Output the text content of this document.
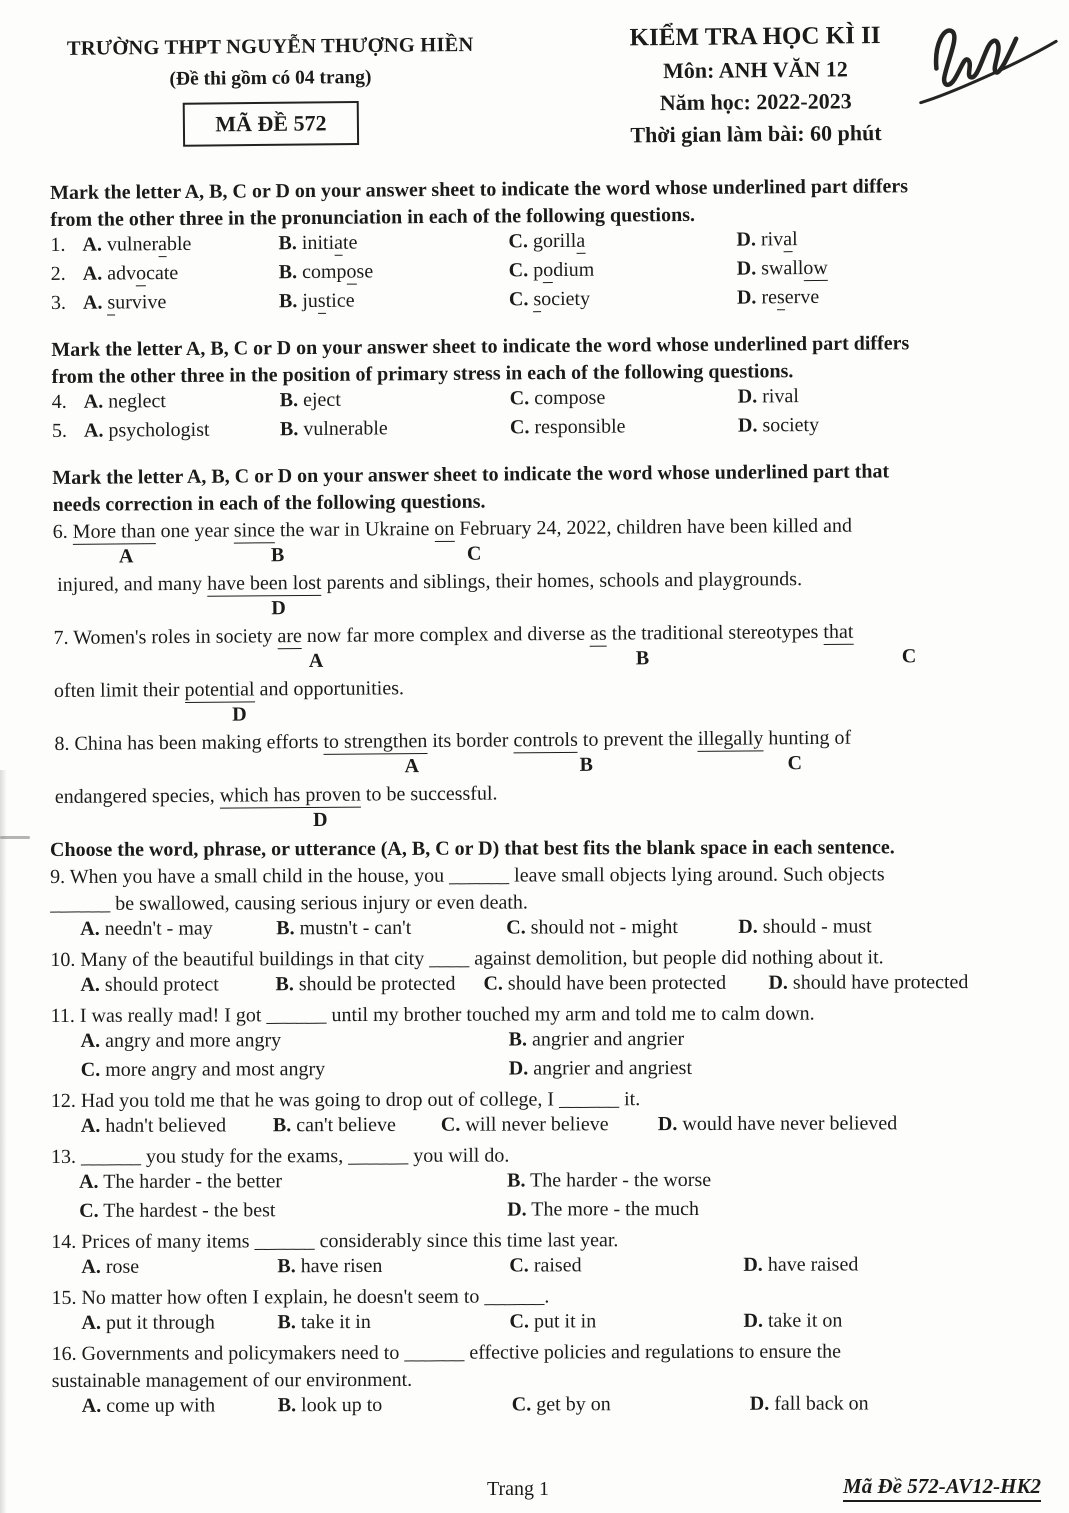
TRƯỜNG THPT NGUYỄN THƯỢNG HIỀN
(Đề thi gồm có 04 trang)
MÃ ĐỀ 572
KIỂM TRA HỌC KÌ II
Môn: ANH VĂN 12
Năm học: 2022-2023
Thời gian làm bài: 60 phút
Mark the letter A, B, C or D on your answer sheet to indicate the word whose underlined part differs
from the other three in the pronunciation in each of the following questions.
1. A. vulnerable	B. initiate	C. gorilla	D. rival
2. A. advocate	B. compose	C. podium	D. swallow
3. A. survive	B. justice	C. society	D. reserve
Mark the letter A, B, C or D on your answer sheet to indicate the word whose underlined part differs
from the other three in the position of primary stress in each of the following questions.
4. A. neglect	B. eject	C. compose	D. rival
5. A. psychologist	B. vulnerable	C. responsible	D. society
Mark the letter A, B, C or D on your answer sheet to indicate the word whose underlined part that
needs correction in each of the following questions.
6. More than one year since the war in Ukraine on February 24, 2022, children have been killed and
A	B	C
injured, and many have been lost parents and siblings, their homes, schools and playgrounds.
D
7. Women's roles in society are now far more complex and diverse as the traditional stereotypes that
A	B	C
often limit their potential and opportunities.
D
8. China has been making efforts to strengthen its border controls to prevent the illegally hunting of
A	B	C
endangered species, which has proven to be successful.
D
Choose the word, phrase, or utterance (A, B, C or D) that best fits the blank space in each sentence.
9. When you have a small child in the house, you ______ leave small objects lying around. Such objects
______ be swallowed, causing serious injury or even death.
A. needn't - may	B. mustn't - can't	C. should not - might	D. should - must
10. Many of the beautiful buildings in that city ____ against demolition, but people did nothing about it.
A. should protect	B. should be protected C. should have been protected D. should have protected
11. I was really mad! I got ______ until my brother touched my arm and told me to calm down.
A. angry and more angry	B. angrier and angrier
C. more angry and most angry	D. angrier and angriest
12. Had you told me that he was going to drop out of college, I ______ it.
A. hadn't believed B. can't believe C. will never believe D. would have never believed
13. ______ you study for the exams, ______ you will do.
A. The harder - the better	B. The harder - the worse
C. The hardest - the best	D. The more - the much
14. Prices of many items ______ considerably since this time last year.
A. rose	B. have risen	C. raised	D. have raised
15. No matter how often I explain, he doesn't seem to ______.
A. put it through	B. take it in	C. put it in	D. take it on
16. Governments and policymakers need to ______ effective policies and regulations to ensure the
sustainable management of our environment.
A. come up with	B. look up to	C. get by on	D. fall back on
Trang 1	Mã Đề 572-AV12-HK2
